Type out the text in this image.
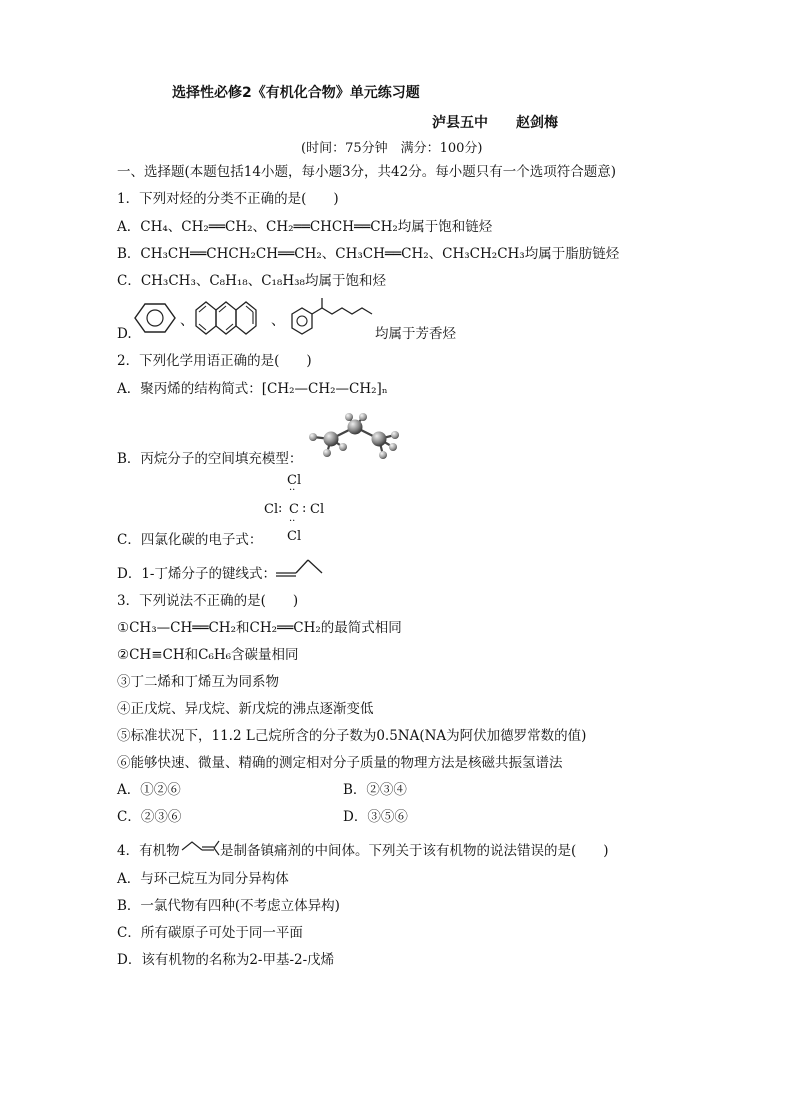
选择性必修2《有机化合物》单元练习题
泸县五中 赵剑梅
(时间：75分钟　满分：100分)
一、选择题(本题包括14小题，每小题3分，共42分。每小题只有一个选项符合题意)
1．下列对烃的分类不正确的是(　　)
A．CH₄、CH₂══CH₂、CH₂══CHCH══CH₂均属于饱和链烃
B．CH₃CH══CHCH₂CH══CH₂、CH₃CH══CH₂、CH₃CH₂CH₃均属于脂肪链烃
C．CH₃CH₃、C₈H₁₈、C₁₈H₃₈均属于饱和烃
D.
、	、
均属于芳香烃
2．下列化学用语正确的是(　　)
A．聚丙烯的结构简式：[CH₂—CH₂—CH₂]ₙ
B．丙烷分子的空间填充模型：
Cl
··
Cl : C : Cl
··
Cl
C．四氯化碳的电子式：
D．1-丁烯分子的键线式：
3．下列说法不正确的是(　　)
①CH₃—CH══CH₂和CH₂══CH₂的最简式相同
②CH≡CH和C₆H₆含碳量相同
③丁二烯和丁烯互为同系物
④正戊烷、异戊烷、新戊烷的沸点逐渐变低
⑤标准状况下，11.2 L己烷所含的分子数为0.5NA(NA为阿伏加德罗常数的值)
⑥能够快速、微量、精确的测定相对分子质量的物理方法是核磁共振氢谱法
A．①②⑥	B．②③④
C．②③⑥	D．③⑤⑥
4．有机物	是制备镇痛剂的中间体。下列关于该有机物的说法错误的是(　　)
A．与环己烷互为同分异构体
B．一氯代物有四种(不考虑立体异构)
C．所有碳原子可处于同一平面
D．该有机物的名称为2-甲基-2-戊烯
